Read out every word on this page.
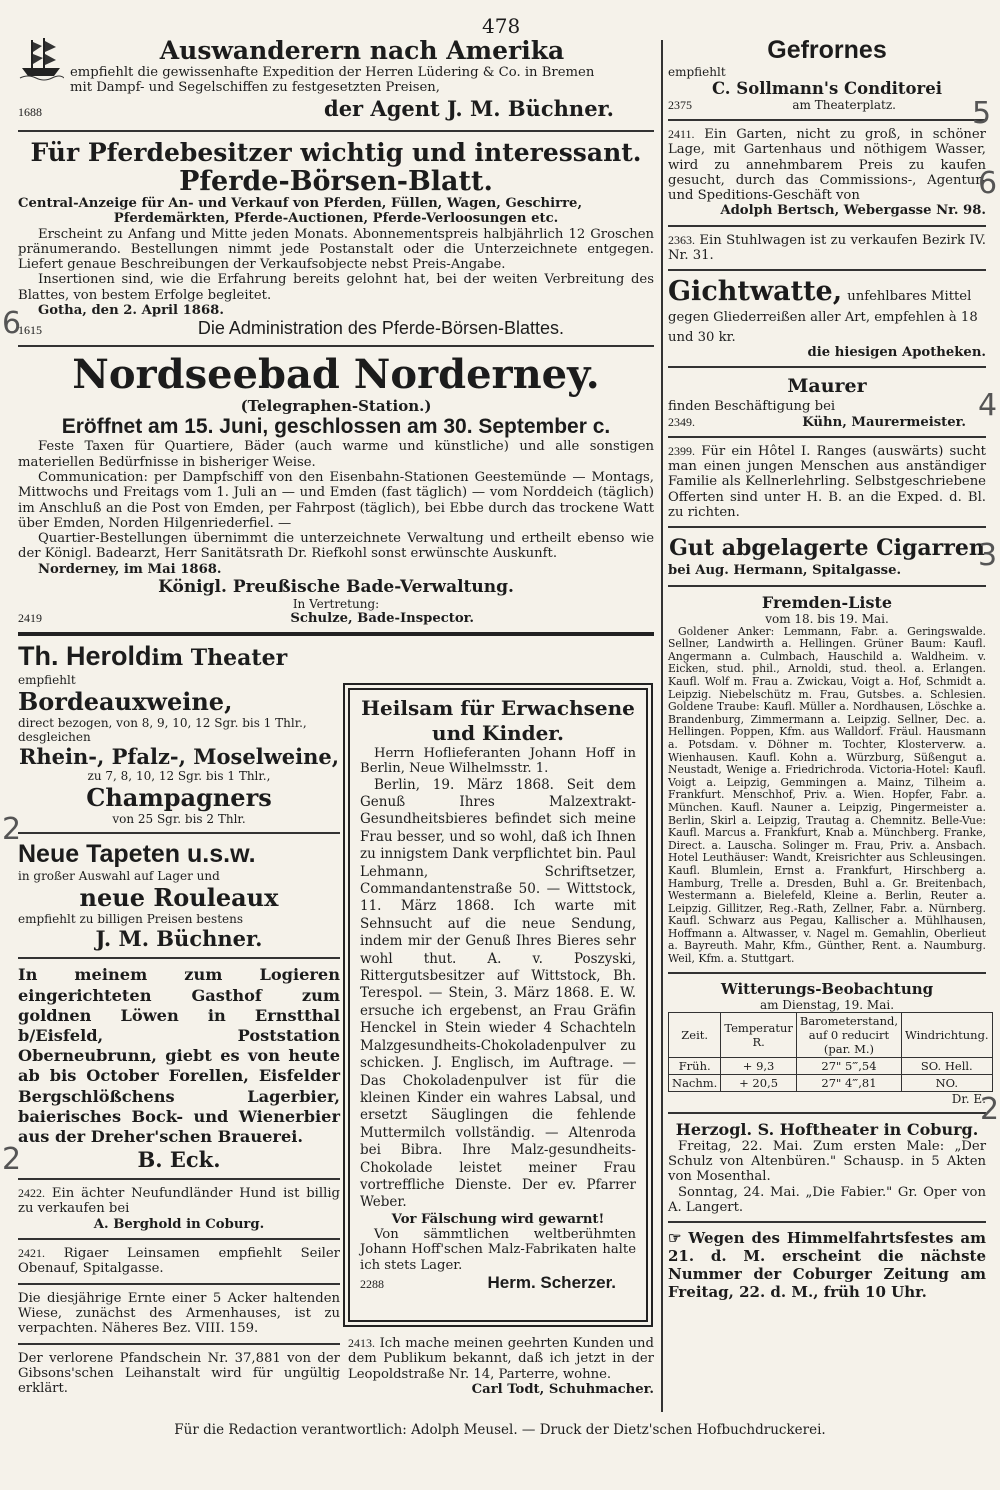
478
Auswanderern nach Amerika

empfiehlt die gewissenhafte Expedition der Herren Lüdering & Co. in Bremen

mit Dampf- und Segelschiffen zu festgesetzten Preisen,

1688	der Agent J. M. Büchner.
Für Pferdebesitzer wichtig und interessant.
Pferde-Börsen-Blatt.

Central-Anzeige für An- und Verkauf von Pferden, Füllen, Wagen, Geschirre,

Pferdemärkten, Pferde-Auctionen, Pferde-Verloosungen etc.

Erscheint zu Anfang und Mitte jeden Monats. Abonnementspreis halbjährlich 12 Groschen pränumerando. Bestellungen nimmt jede Postanstalt oder die Unterzeichnete entgegen. Liefert genaue Beschreibungen der Verkaufsobjecte nebst Preis-Angabe.

Insertionen sind, wie die Erfahrung bereits gelohnt hat, bei der weiten Verbreitung des Blattes, von bestem Erfolge begleitet.

Gotha, den 2. April 1868.

1615	Die Administration des Pferde-Börsen-Blattes.
Nordseebad Norderney.

(Telegraphen-Station.)

Eröffnet am 15. Juni, geschlossen am 30. September c.

Feste Taxen für Quartiere, Bäder (auch warme und künstliche) und alle sonstigen materiellen Bedürfnisse in bisheriger Weise.

Communication: per Dampfschiff von den Eisenbahn-Stationen Geestemünde — Montags, Mittwochs und Freitags vom 1. Juli an — und Emden (fast täglich) — vom Norddeich (täglich) im Anschluß an die Post von Emden, per Fahrpost (täglich), bei Ebbe durch das trockene Watt über Emden, Norden Hilgenriederfiel. —

Quartier-Bestellungen übernimmt die unterzeichnete Verwaltung und ertheilt ebenso wie der Königl. Badearzt, Herr Sanitätsrath Dr. Riefkohl sonst erwünschte Auskunft.

Norderney, im Mai 1868.

Königl. Preußische Bade-Verwaltung.

In Vertretung:

2419	Schulze, Bade-Inspector.
Th. Heroldim Theater

empfiehlt

Bordeauxweine,

direct bezogen, von 8, 9, 10, 12 Sgr. bis 1 Thlr.,

desgleichen

Rhein-, Pfalz-, Moselweine,

zu 7, 8, 10, 12 Sgr. bis 1 Thlr.,

Champagners

von 25 Sgr. bis 2 Thlr.

Neue Tapeten u.s.w.

in großer Auswahl auf Lager und

neue Rouleaux

empfiehlt zu billigen Preisen bestens

J. M. Büchner.

In meinem zum Logieren eingerichteten Gasthof zum goldnen Löwen in Ernstthal b/Eisfeld, Poststation Oberneubrunn, giebt es von heute ab bis October Forellen, Eisfelder Bergschlößchens Lagerbier, baierisches Bock- und Wienerbier aus der Dreher'schen Brauerei.

B. Eck.

2422. Ein ächter Neufundländer Hund ist billig zu verkaufen bei

A. Berghold in Coburg.

2421. Rigaer Leinsamen empfiehlt Seiler Obenauf, Spitalgasse.

Die diesjährige Ernte einer 5 Acker haltenden Wiese, zunächst des Armenhauses, ist zu verpachten. Näheres Bez. VIII. 159.

Der verlorene Pfandschein Nr. 37,881 von der Gibsons'schen Leihanstalt wird für ungültig erklärt.

Heilsam für Erwachsene und Kinder.

Herrn Hoflieferanten Johann Hoff in Berlin, Neue Wilhelmsstr. 1.

Berlin, 19. März 1868. Seit dem Genuß Ihres Malzextrakt-Gesundheitsbieres befindet sich meine Frau besser, und so wohl, daß ich Ihnen zu innigstem Dank verpflichtet bin. Paul Lehmann, Schriftsetzer, Commandantenstraße 50. — Wittstock, 11. März 1868. Ich warte mit Sehnsucht auf die neue Sendung, indem mir der Genuß Ihres Bieres sehr wohl thut. A. v. Poszyski, Rittergutsbesitzer auf Wittstock, Bh. Terespol. — Stein, 3. März 1868. E. W. ersuche ich ergebenst, an Frau Gräfin Henckel in Stein wieder 4 Schachteln Malzgesundheits-Chokoladenpulver zu schicken. J. Englisch, im Auftrage. — Das Chokoladenpulver ist für die kleinen Kinder ein wahres Labsal, und ersetzt Säuglingen die fehlende Muttermilch vollständig. — Altenroda bei Bibra. Ihre Malz-gesundheits-Chokolade leistet meiner Frau vortreffliche Dienste. Der ev. Pfarrer Weber.

Vor Fälschung wird gewarnt!

Von sämmtlichen weltberühmten Johann Hoff'schen Malz-Fabrikaten halte ich stets Lager.

2288	Herm. Scherzer.

2413. Ich mache meinen geehrten Kunden und dem Publikum bekannt, daß ich jetzt in der Leopoldstraße Nr. 14, Parterre, wohne.

Carl Todt, Schuhmacher.

Gefrornes

empfiehlt

C. Sollmann's Conditorei

2375	am Theaterplatz.

2411. Ein Garten, nicht zu groß, in schöner Lage, mit Gartenhaus und nöthigem Wasser, wird zu annehmbarem Preis zu kaufen gesucht, durch das Commissions-, Agentur- und Speditions-Geschäft von

Adolph Bertsch, Webergasse Nr. 98.

2363. Ein Stuhlwagen ist zu verkaufen Bezirk IV. Nr. 31.

Gichtwatte, unfehlbares Mittel gegen Gliederreißen aller Art, empfehlen à 18 und 30 kr.

die hiesigen Apotheken.

Maurer

finden Beschäftigung bei

2349.	Kühn, Maurermeister.

2399. Für ein Hôtel I. Ranges (auswärts) sucht man einen jungen Menschen aus anständiger Familie als Kellnerlehrling. Selbstgeschriebene Offerten sind unter H. B. an die Exped. d. Bl. zu richten.

Gut abgelagerte Cigarren

bei Aug. Hermann, Spitalgasse.

Fremden-Liste

vom 18. bis 19. Mai.

Goldener Anker: Lemmann, Fabr. a. Geringswalde. Sellner, Landwirth a. Hellingen. Grüner Baum: Kaufl. Angermann a. Culmbach, Hauschild a. Waldheim. v. Eicken, stud. phil., Arnoldi, stud. theol. a. Erlangen. Kaufl. Wolf m. Frau a. Zwickau, Voigt a. Hof, Schmidt a. Leipzig. Niebelschütz m. Frau, Gutsbes. a. Schlesien. Goldene Traube: Kaufl. Müller a. Nordhausen, Löschke a. Brandenburg, Zimmermann a. Leipzig. Sellner, Dec. a. Hellingen. Poppen, Kfm. aus Walldorf. Fräul. Hausmann a. Potsdam. v. Döhner m. Tochter, Klosterverw. a. Wienhausen. Kaufl. Kohn a. Würzburg, Süßengut a. Neustadt, Wenige a. Friedrichroda. Victoria-Hotel: Kaufl. Voigt a. Leipzig, Gemmingen a. Mainz, Tilheim a. Frankfurt. Menschhof, Priv. a. Wien. Hopfer, Fabr. a. München. Kaufl. Nauner a. Leipzig, Pingermeister a. Berlin, Skirl a. Leipzig, Trautag a. Chemnitz. Belle-Vue: Kaufl. Marcus a. Frankfurt, Knab a. Münchberg. Franke, Direct. a. Lauscha. Solinger m. Frau, Priv. a. Ansbach. Hotel Leuthäuser: Wandt, Kreisrichter aus Schleusingen. Kaufl. Blumlein, Ernst a. Frankfurt, Hirschberg a. Hamburg, Trelle a. Dresden, Buhl a. Gr. Breitenbach, Westermann a. Bielefeld, Kleine a. Berlin, Reuter a. Leipzig. Gillitzer, Reg.-Rath, Zellner, Fabr. a. Nürnberg. Kaufl. Schwarz aus Pegau, Kallischer a. Mühlhausen, Hoffmann a. Altwasser, v. Nagel m. Gemahlin, Oberlieut a. Bayreuth. Mahr, Kfm., Günther, Rent. a. Naumburg. Weil, Kfm. a. Stuttgart.

Witterungs-Beobachtung

am Dienstag, 19. Mai.

Zeit.	Temperatur R.	Barometerstand, auf 0 reducirt (par. M.)	Windrichtung.
Früh.	+ 9,3	27" 5‴,54	SO. Hell.
Nachm.	+ 20,5	27" 4‴,81	NO.

Dr. E.

Herzogl. S. Hoftheater in Coburg.

Freitag, 22. Mai. Zum ersten Male: „Der Schulz von Altenbüren." Schausp. in 5 Akten von Mosenthal.

Sonntag, 24. Mai. „Die Fabier." Gr. Oper von A. Langert.

☞ Wegen des Himmelfahrtsfestes am 21. d. M. erscheint die nächste Nummer der Coburger Zeitung am Freitag, 22. d. M., früh 10 Uhr.

Für die Redaction verantwortlich: Adolph Meusel. — Druck der Dietz'schen Hofbuchdruckerei.
5
6
6
4
3
2
2
2
